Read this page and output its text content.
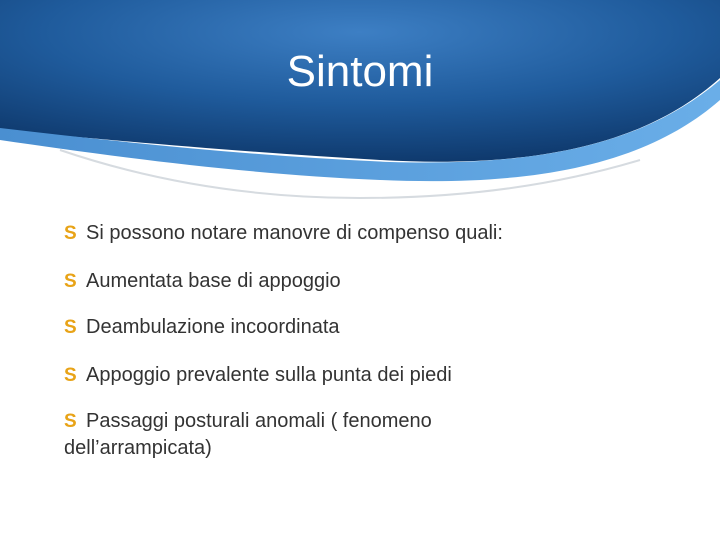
Sintomi
S Si possono notare manovre di compenso quali:
S Aumentata base di appoggio
S Deambulazione incoordinata
S Appoggio prevalente sulla punta dei piedi
S Passaggi posturali anomali ( fenomeno dell’arrampicata)
